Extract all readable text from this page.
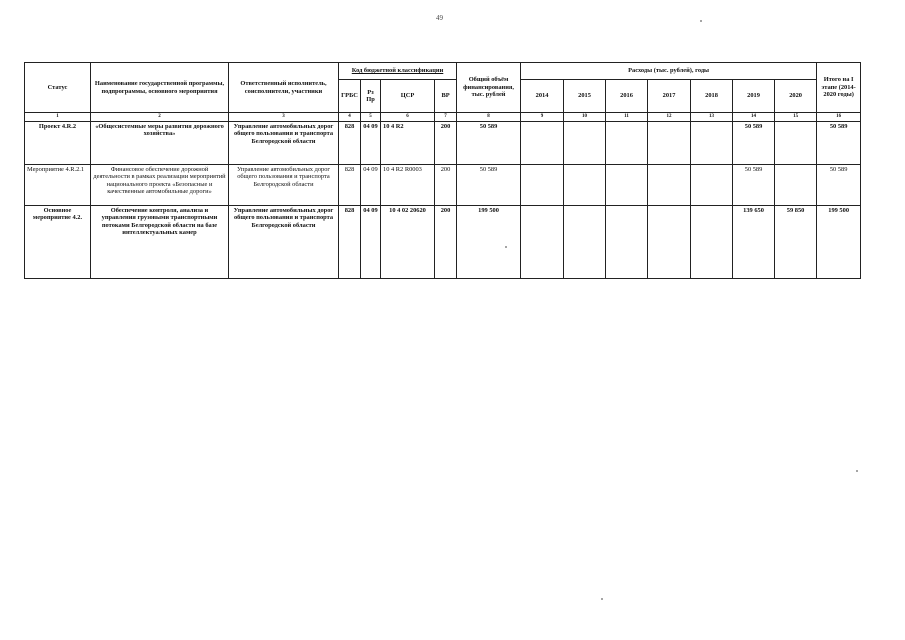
49
Статус	Наименование государственной программы, подпрограммы, основного мероприятия	Ответственный исполнитель, соисполнители, участники	Код бюджетной классификации				Общий объём финансирования, тыс. рублей	Расходы (тыс. рублей), годы							Итого на I этапе (2014-2020 годы)
			ГРБС	Рз Пр	ЦСР	ВР		2014	2015	2016	2017	2018	2019	2020	
1	2	3	4	5	6	7	8	9	10	11	12	13	14	15	16
Проект 4.R.2	«Общесистемные меры развития дорожного хозяйства»	Управление автомобильных дорог общего пользования и транспорта Белгородской области	828	04 09	10 4 R2	200	50 589						50 589		50 589
Мероприятие 4.R.2.1	Финансовое обеспечение дорожной деятельности в рамках реализации мероприятий национального проекта «Безопасные и качественные автомобильные дороги»	Управление автомобильных дорог общего пользования и транспорта Белгородской области	828	04 09	10 4 R2 R0003	200	50 589						50 589		50 589
Основное мероприятие 4.2.	Обеспечение контроля, анализа и управления грузовыми транспортными потоками Белгородской области на базе интеллектуальных камер	Управление автомобильных дорог общего пользования и транспорта Белгородской области	828	04 09	10 4 02 20620	200	199 500						139 650	59 850	199 500
